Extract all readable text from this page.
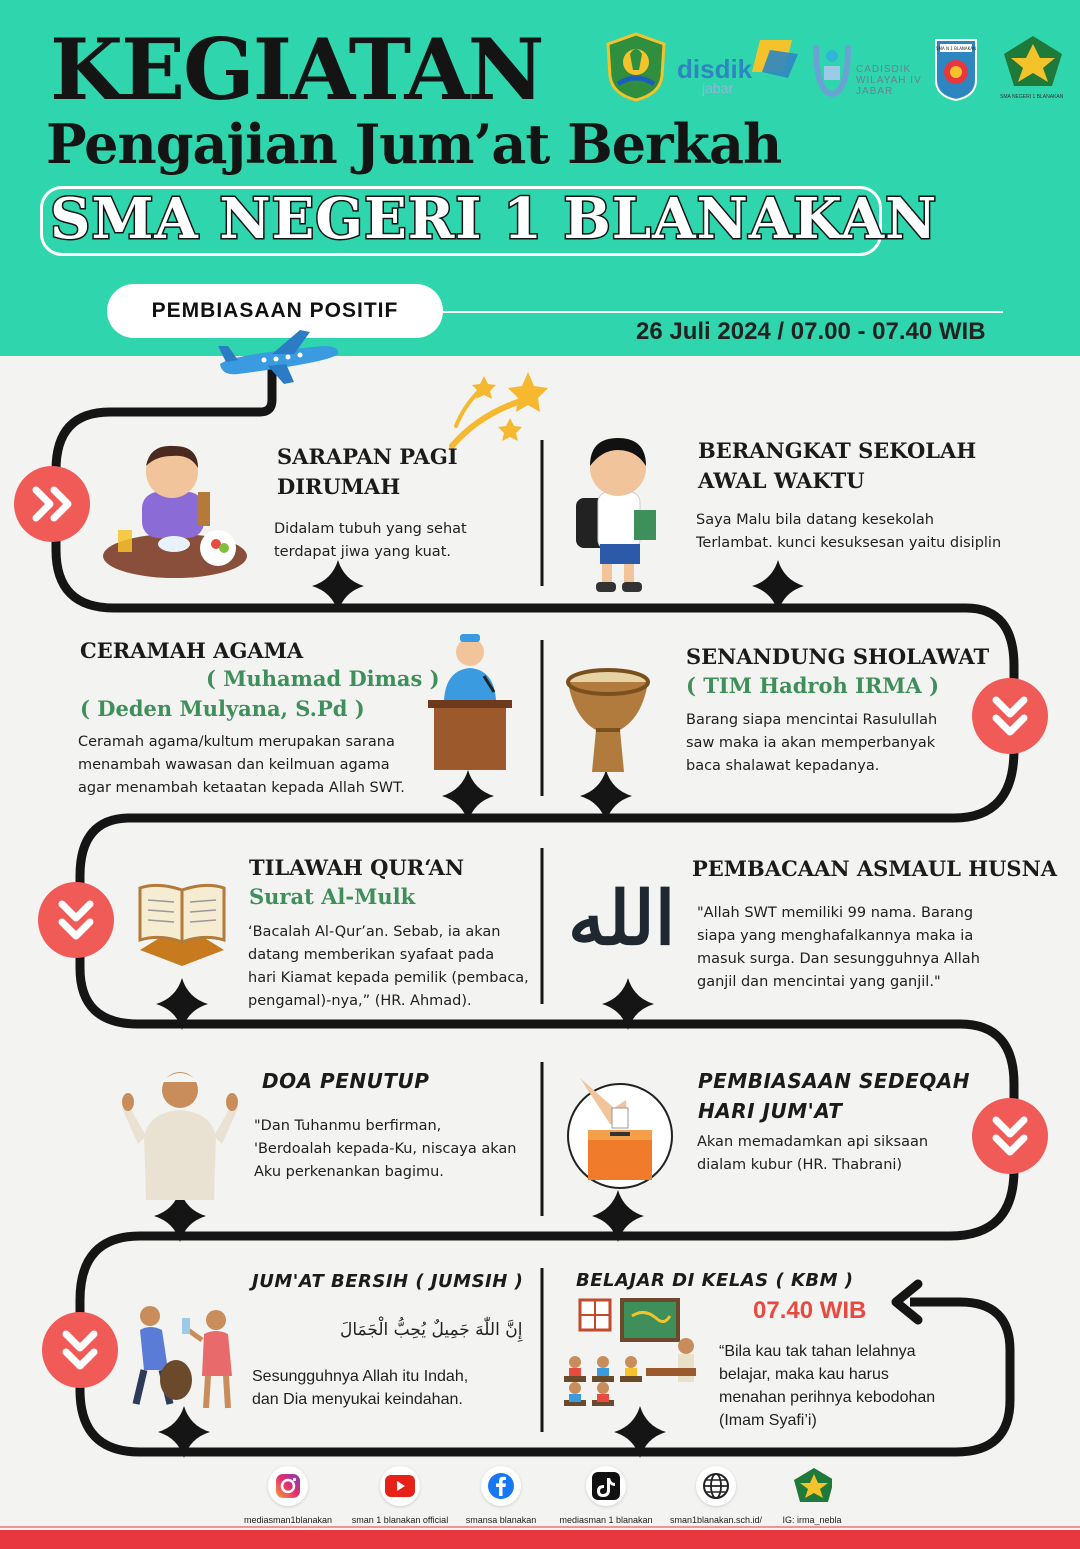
KEGIATAN
Pengajian Jum’at Berkah
SMA NEGERI 1 BLANAKAN
PEMBIASAAN POSITIF
26 Juli 2024 / 07.00 - 07.40 WIB
disdik
jabar
CADISDIK
WILAYAH IV
JABAR
SMA N 1 BLANAKAN
SMA NEGERI 1 BLANAKAN
SARAPAN PAGI
DIRUMAH
Didalam tubuh yang sehat
terdapat jiwa yang kuat.
BERANGKAT SEKOLAH
AWAL WAKTU
Saya Malu bila datang kesekolah
Terlambat. kunci kesuksesan yaitu disiplin
CERAMAH AGAMA
( Muhamad Dimas )
( Deden Mulyana, S.Pd )
Ceramah agama/kultum merupakan sarana
menambah wawasan dan keilmuan agama
agar menambah ketaatan kepada Allah SWT.
SENANDUNG SHOLAWAT
( TIM Hadroh IRMA )
Barang siapa mencintai Rasulullah
saw maka ia akan memperbanyak
baca shalawat kepadanya.
TILAWAH QUR‘AN
Surat Al-Mulk
‘Bacalah Al-Qur’an. Sebab, ia akan
datang memberikan syafaat pada
hari Kiamat kepada pemilik (pembaca,
pengamal)-nya,” (HR. Ahmad).
الله
PEMBACAAN ASMAUL HUSNA
"Allah SWT memiliki 99 nama. Barang
siapa yang menghafalkannya maka ia
masuk surga. Dan sesungguhnya Allah
ganjil dan mencintai yang ganjil."
DOA PENUTUP
"Dan Tuhanmu berfirman,
'Berdoalah kepada-Ku, niscaya akan
Aku perkenankan bagimu.
PEMBIASAAN SEDEQAH
HARI JUM'AT
Akan memadamkan api siksaan
dialam kubur (HR. Thabrani)
JUM'AT BERSIH ( JUMSIH )
إِنَّ اللّٰهَ جَمِيلٌ يُحِبُّ الْجَمَالَ
Sesungguhnya Allah itu Indah,
dan Dia menyukai keindahan.
BELAJAR DI KELAS ( KBM )
07.40 WIB
“Bila kau tak tahan lelahnya
belajar, maka kau harus
menahan perihnya kebodohan
(Imam Syafi’i)
mediasman1blanakan	sman 1 blanakan official	smansa blanakan	mediasman 1 blanakan	sman1blanakan.sch.id/	IG: irma_nebla
